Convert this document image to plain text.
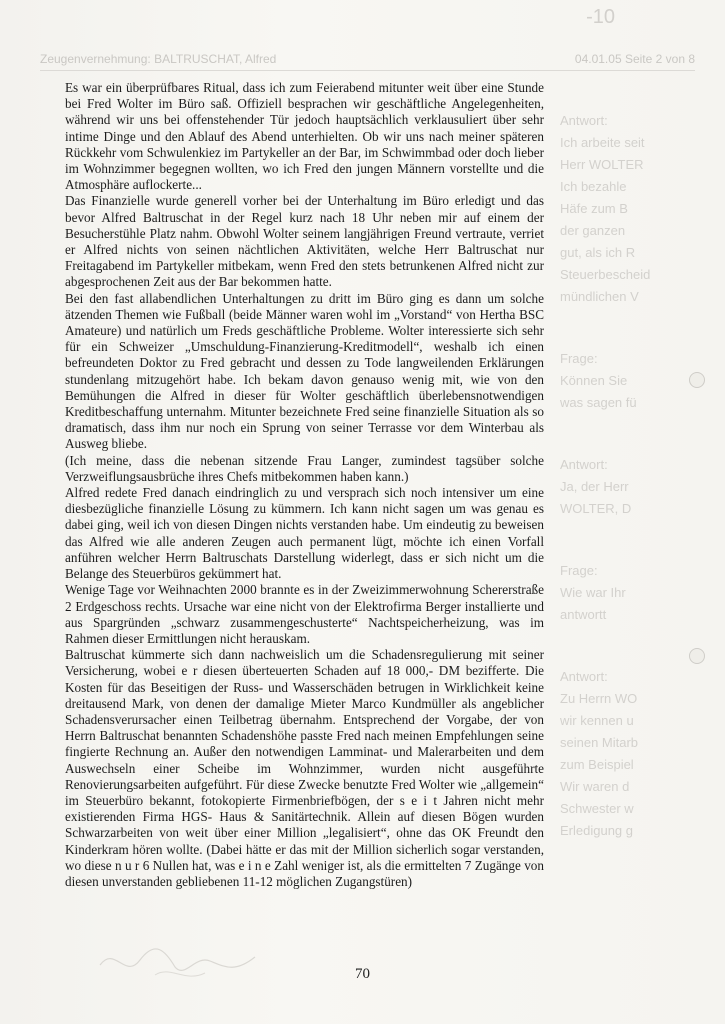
-10
Zeugenvernehmung: BALTRUSCHAT, Alfred	04.01.05 Seite 2 von 8
Antwort:
Ich arbeite seit
Herr WOLTER
Ich bezahle
Häfe zum B
der ganzen
gut, als ich R
Steuerbescheid
mündlichen V
Frage:
Können Sie
was sagen fü
Antwort:
Ja, der Herr
WOLTER, D
Frage:
Wie war Ihr
antwortt
Antwort:
Zu Herrn WO
wir kennen u
seinen Mitarb
zum Beispiel
Wir waren d
Schwester w
Erledigung g

Es war ein überprüfbares Ritual, dass ich zum Feierabend mitunter weit über eine Stunde bei Fred Wolter im Büro saß. Offiziell besprachen wir geschäftliche Angelegenheiten, während wir uns bei offenstehender Tür jedoch hauptsächlich verklausuliert über sehr intime Dinge und den Ablauf des Abend unterhielten. Ob wir uns nach meiner späteren Rückkehr vom Schwulenkiez im Partykeller an der Bar, im Schwimmbad oder doch lieber im Wohnzimmer begegnen wollten, wo ich Fred den jungen Männern vorstellte und die Atmosphäre auflockerte...

Das Finanzielle wurde generell vorher bei der Unterhaltung im Büro erledigt und das bevor Alfred Baltruschat in der Regel kurz nach 18 Uhr neben mir auf einem der Besucherstühle Platz nahm. Obwohl Wolter seinem langjährigen Freund vertraute, verriet er Alfred nichts von seinen nächtlichen Aktivitäten, welche Herr Baltruschat nur Freitagabend im Partykeller mitbekam, wenn Fred den stets betrunkenen Alfred nicht zur abgesprochenen Zeit aus der Bar bekommen hatte.

Bei den fast allabendlichen Unterhaltungen zu dritt im Büro ging es dann um solche ätzenden Themen wie Fußball (beide Männer waren wohl im „Vorstand“ von Hertha BSC Amateure) und natürlich um Freds geschäftliche Probleme. Wolter interessierte sich sehr für ein Schweizer „Umschuldung-Finanzierung-Kreditmodell“, weshalb ich einen befreundeten Doktor zu Fred gebracht und dessen zu Tode langweilenden Erklärungen stundenlang mitzugehört habe. Ich bekam davon genauso wenig mit, wie von den Bemühungen die Alfred in dieser für Wolter geschäftlich überlebensnotwendigen Kreditbeschaffung unternahm. Mitunter bezeichnete Fred seine finanzielle Situation als so dramatisch, dass ihm nur noch ein Sprung von seiner Terrasse vor dem Winterbau als Ausweg bliebe.

(Ich meine, dass die nebenan sitzende Frau Langer, zumindest tagsüber solche Verzweiflungsausbrüche ihres Chefs mitbekommen haben kann.)

Alfred redete Fred danach eindringlich zu und versprach sich noch intensiver um eine diesbezügliche finanzielle Lösung zu kümmern. Ich kann nicht sagen um was genau es dabei ging, weil ich von diesen Dingen nichts verstanden habe. Um eindeutig zu beweisen das Alfred wie alle anderen Zeugen auch permanent lügt, möchte ich einen Vorfall anführen welcher Herrn Baltruschats Darstellung widerlegt, dass er sich nicht um die Belange des Steuerbüros gekümmert hat.

Wenige Tage vor Weihnachten 2000 brannte es in der Zweizimmerwohnung Schererstraße 2 Erdgeschoss rechts. Ursache war eine nicht von der Elektrofirma Berger installierte und aus Spargründen „schwarz zusammengeschusterte“ Nachtspeicherheizung, was im Rahmen dieser Ermittlungen nicht herauskam.

Baltruschat kümmerte sich dann nachweislich um die Schadensregulierung mit seiner Versicherung, wobei e r diesen überteuerten Schaden auf 18 000,- DM bezifferte. Die Kosten für das Beseitigen der Russ- und Wasserschäden betrugen in Wirklichkeit keine dreitausend Mark, von denen der damalige Mieter Marco Kundmüller als angeblicher Schadensverursacher einen Teilbetrag übernahm. Entsprechend der Vorgabe, der von Herrn Baltruschat benannten Schadenshöhe passte Fred nach meinen Empfehlungen seine fingierte Rechnung an. Außer den notwendigen Lamminat- und Malerarbeiten und dem Auswechseln einer Scheibe im Wohnzimmer, wurden nicht ausgeführte Renovierungsarbeiten aufgeführt. Für diese Zwecke benutzte Fred Wolter wie „allgemein“ im Steuerbüro bekannt, fotokopierte Firmenbriefbögen, der s e i t Jahren nicht mehr existierenden Firma HGS- Haus & Sanitärtechnik. Allein auf diesen Bögen wurden Schwarzarbeiten von weit über einer Million „legalisiert“, ohne das OK Freundt den Kinderkram hören wollte. (Dabei hätte er das mit der Million sicherlich sogar verstanden, wo diese n u r 6 Nullen hat, was e i n e Zahl weniger ist, als die ermittelten 7 Zugänge von diesen unverstanden gebliebenen 11-12 möglichen Zugangstüren)

70
